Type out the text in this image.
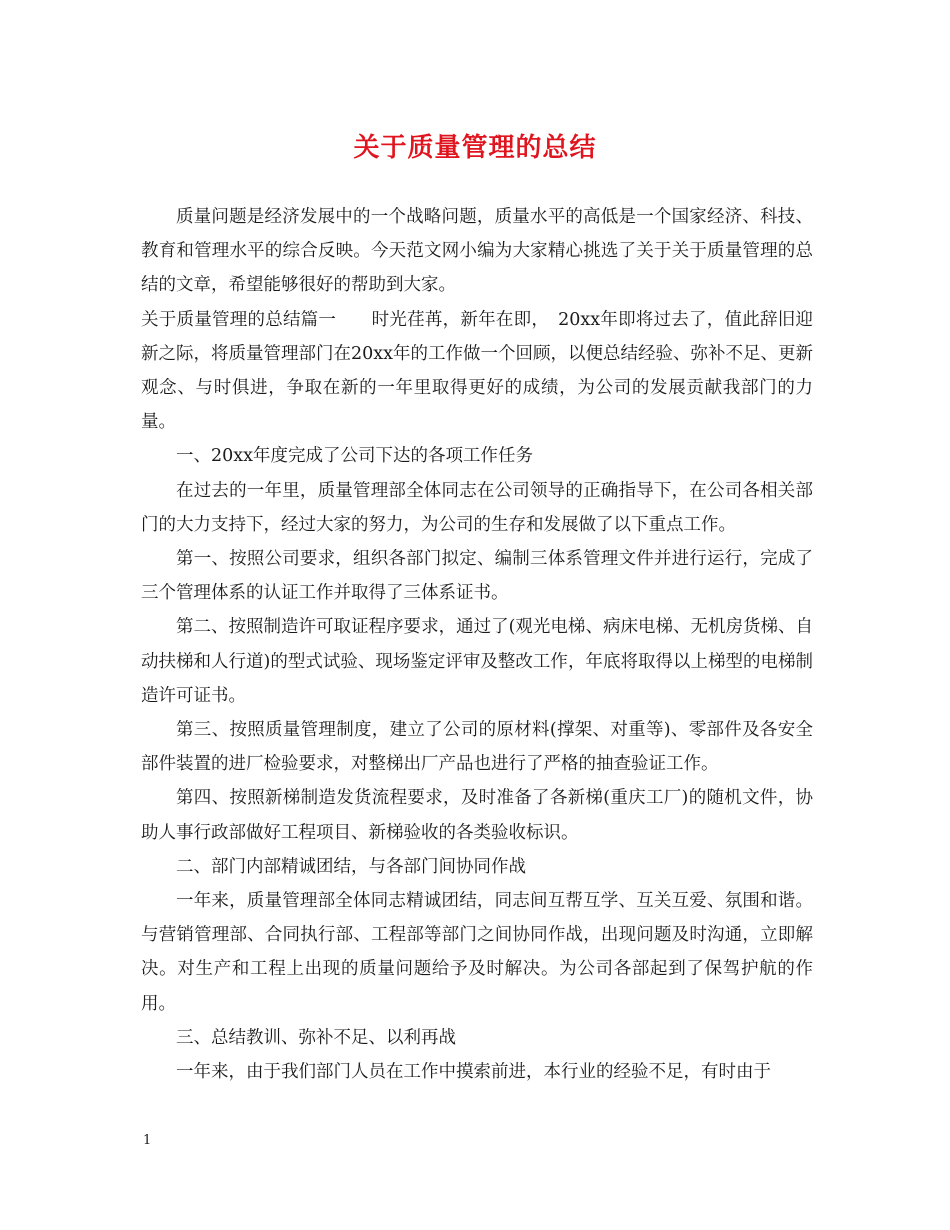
关于质量管理的总结

质量问题是经济发展中的一个战略问题，质量水平的高低是一个国家经济、科技、教育和管理水平的综合反映。今天范文网小编为大家精心挑选了关于关于质量管理的总结的文章，希望能够很好的帮助到大家。

关于质量管理的总结篇一　　时光荏苒，新年在即，　20xx年即将过去了，值此辞旧迎新之际，将质量管理部门在20xx年的工作做一个回顾，以便总结经验、弥补不足、更新观念、与时俱进，争取在新的一年里取得更好的成绩，为公司的发展贡献我部门的力量。

一、20xx年度完成了公司下达的各项工作任务

在过去的一年里，质量管理部全体同志在公司领导的正确指导下，在公司各相关部门的大力支持下，经过大家的努力，为公司的生存和发展做了以下重点工作。

第一、按照公司要求，组织各部门拟定、编制三体系管理文件并进行运行，完成了三个管理体系的认证工作并取得了三体系证书。

第二、按照制造许可取证程序要求，通过了(观光电梯、病床电梯、无机房货梯、自动扶梯和人行道)的型式试验、现场鉴定评审及整改工作，年底将取得以上梯型的电梯制造许可证书。

第三、按照质量管理制度，建立了公司的原材料(撑架、对重等)、零部件及各安全部件装置的进厂检验要求，对整梯出厂产品也进行了严格的抽查验证工作。

第四、按照新梯制造发货流程要求，及时准备了各新梯(重庆工厂)的随机文件，协助人事行政部做好工程项目、新梯验收的各类验收标识。

二、部门内部精诚团结，与各部门间协同作战

一年来，质量管理部全体同志精诚团结，同志间互帮互学、互关互爱、氛围和谐。与营销管理部、合同执行部、工程部等部门之间协同作战，出现问题及时沟通，立即解决。对生产和工程上出现的质量问题给予及时解决。为公司各部起到了保驾护航的作用。

三、总结教训、弥补不足、以利再战

一年来，由于我们部门人员在工作中摸索前进，本行业的经验不足，有时由于

1
